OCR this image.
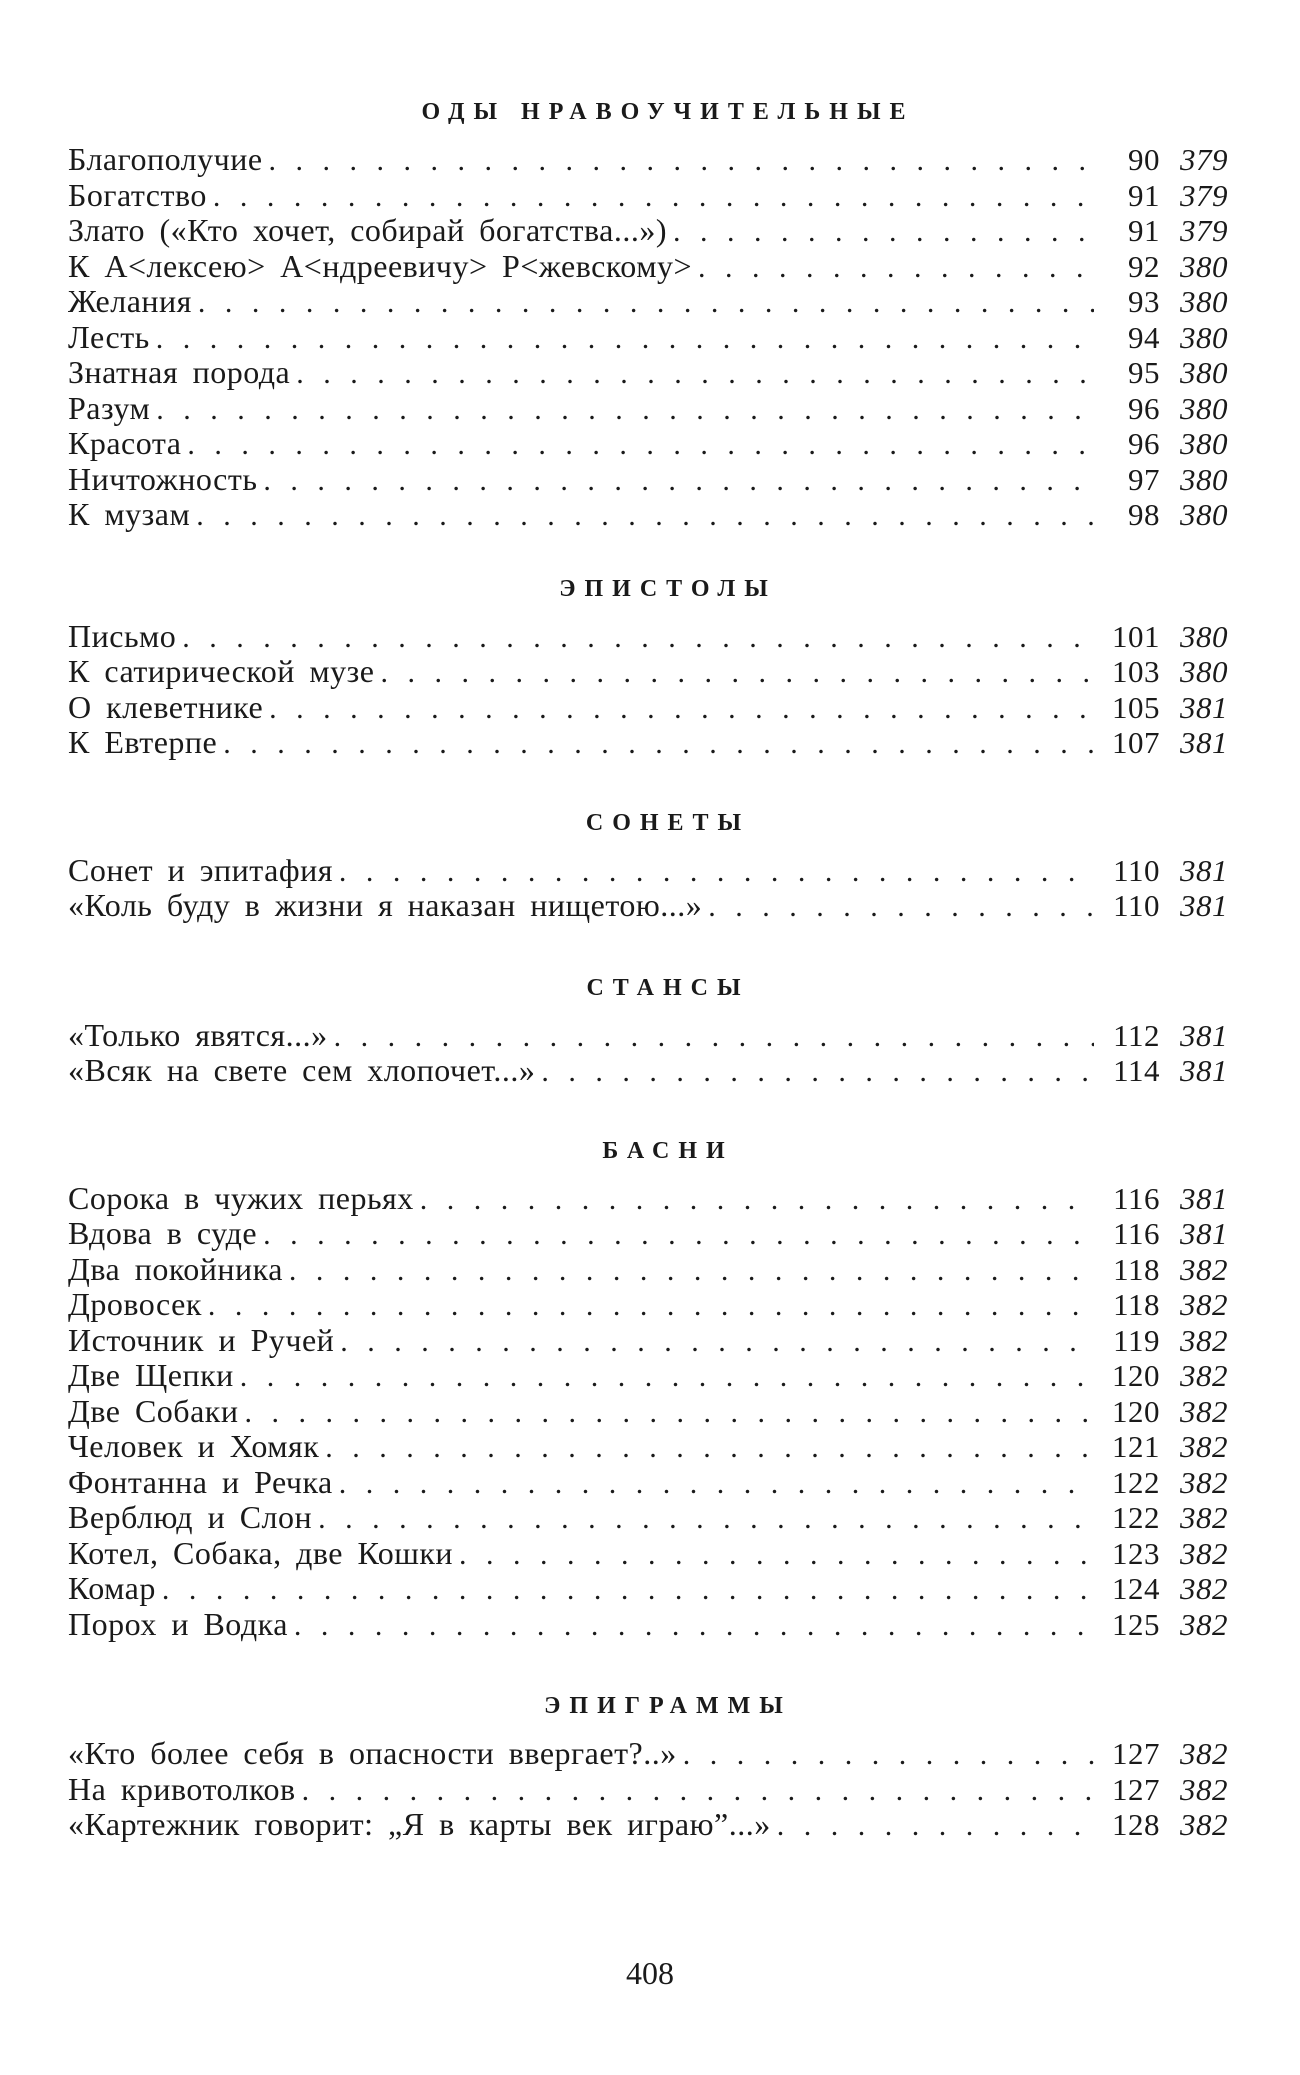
ОДЫ НРАВОУЧИТЕЛЬНЫЕ
Благополучие . . .	90 379
Богатство . . .	91 379
Злато («Кто хочет, собирай богатства...») . . .	91 379
К А<лексею> А<ндреевичу> Р<жевскому> . . .	92 380
Желания . . .	93 380
Лесть . . .	94 380
Знатная порода . . .	95 380
Разум . . .	96 380
Красота . . .	96 380
Ничтожность . . .	97 380
К музам . . .	98 380
ЭПИСТОЛЫ
Письмо . . .	101 380
К сатирической музе . . .	103 380
О клеветнике . . .	105 381
К Евтерпе . . .	107 381
СОНЕТЫ
Сонет и эпитафия . . .	110 381
«Коль буду в жизни я наказан нищетою...» . . .	110 381
СТАНСЫ
«Только явятся...» . . .	112 381
«Всяк на свете сем хлопочет...» . . .	114 381
БАСНИ
Сорока в чужих перьях . . .	116 381
Вдова в суде . . .	116 381
Два покойника . . .	118 382
Дровосек . . .	118 382
Источник и Ручей . . .	119 382
Две Щепки . . .	120 382
Две Собаки . . .	120 382
Человек и Хомяк . . .	121 382
Фонтанна и Речка . . .	122 382
Верблюд и Слон . . .	122 382
Котел, Собака, две Кошки . . .	123 382
Комар . . .	124 382
Порох и Водка . . .	125 382
ЭПИГРАММЫ
«Кто более себя в опасности ввергает?..» . . .	127 382
На кривотолков . . .	127 382
«Картежник говорит: „Я в карты век играю”...» . . .	128 382
408
